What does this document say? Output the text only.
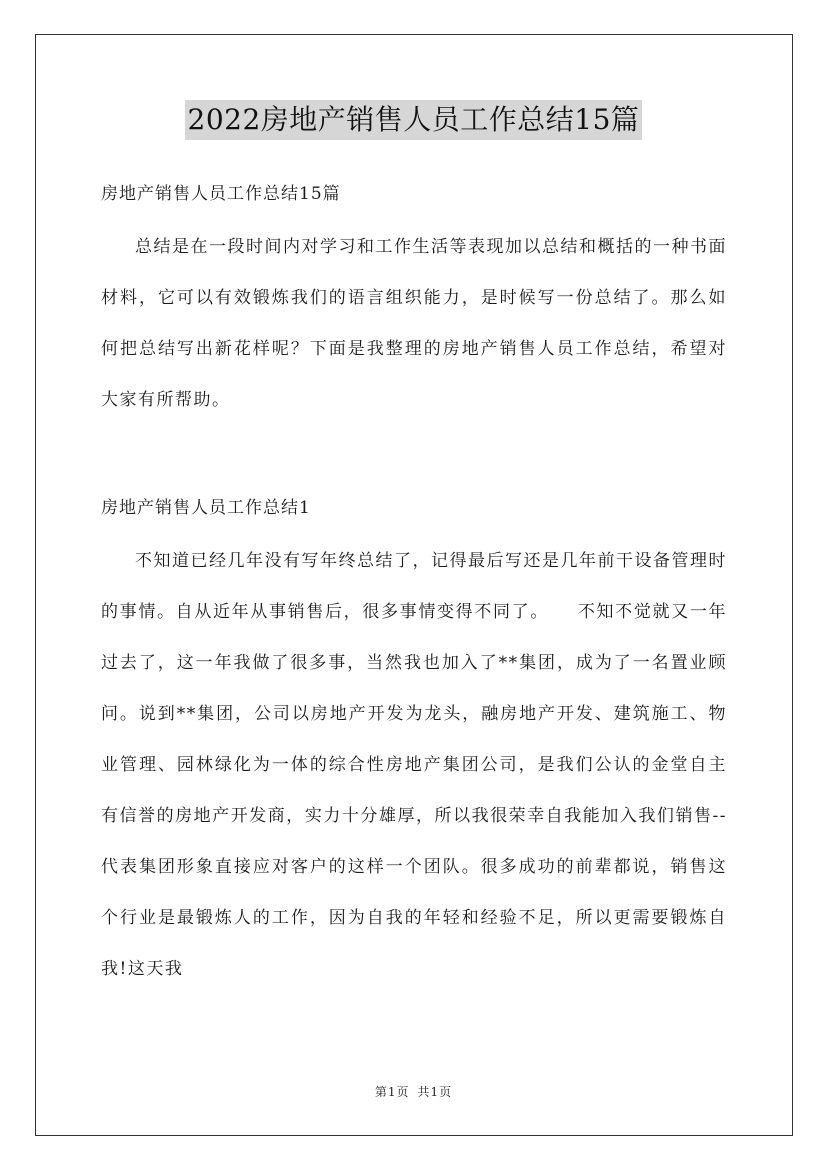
2022房地产销售人员工作总结15篇

房地产销售人员工作总结15篇

总结是在一段时间内对学习和工作生活等表现加以总结和概括的一种书面材料，它可以有效锻炼我们的语言组织能力，是时候写一份总结了。那么如何把总结写出新花样呢？下面是我整理的房地产销售人员工作总结，希望对大家有所帮助。

房地产销售人员工作总结1

不知道已经几年没有写年终总结了，记得最后写还是几年前干设备管理时的事情。自从近年从事销售后，很多事情变得不同了。　　不知不觉就又一年过去了，这一年我做了很多事，当然我也加入了**集团，成为了一名置业顾问。说到**集团，公司以房地产开发为龙头，融房地产开发、建筑施工、物业管理、园林绿化为一体的综合性房地产集团公司，是我们公认的金堂自主有信誉的房地产开发商，实力十分雄厚，所以我很荣幸自我能加入我们销售--代表集团形象直接应对客户的这样一个团队。很多成功的前辈都说，销售这个行业是最锻炼人的工作，因为自我的年轻和经验不足，所以更需要锻炼自我!这天我

第1页 共1页
